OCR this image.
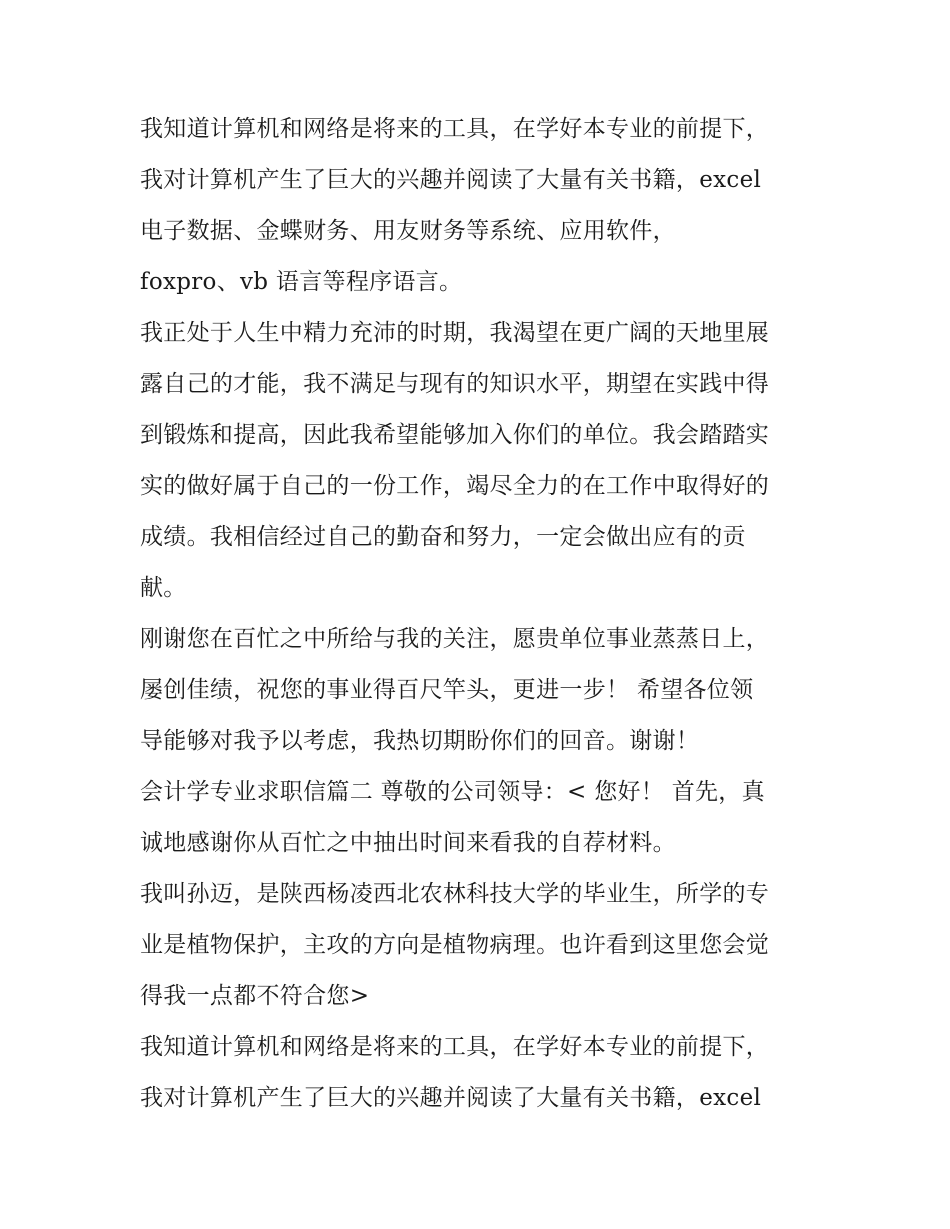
我知道计算机和网络是将来的工具，在学好本专业的前提下，
我对计算机产生了巨大的兴趣并阅读了大量有关书籍，excel
电子数据、金蝶财务、用友财务等系统、应用软件，
foxpro、vb 语言等程序语言。
我正处于人生中精力充沛的时期，我渴望在更广阔的天地里展
露自己的才能，我不满足与现有的知识水平，期望在实践中得
到锻炼和提高，因此我希望能够加入你们的单位。我会踏踏实
实的做好属于自己的一份工作，竭尽全力的在工作中取得好的
成绩。我相信经过自己的勤奋和努力，一定会做出应有的贡
献。
刚谢您在百忙之中所给与我的关注，愿贵单位事业蒸蒸日上，
屡创佳绩，祝您的事业得百尺竿头，更进一步！ 希望各位领
导能够对我予以考虑，我热切期盼你们的回音。谢谢！
会计学专业求职信篇二 尊敬的公司领导：< 您好！ 首先，真
诚地感谢你从百忙之中抽出时间来看我的自荐材料。
我叫孙迈，是陕西杨凌西北农林科技大学的毕业生，所学的专
业是植物保护，主攻的方向是植物病理。也许看到这里您会觉
得我一点都不符合您>
我知道计算机和网络是将来的工具，在学好本专业的前提下，
我对计算机产生了巨大的兴趣并阅读了大量有关书籍，excel
